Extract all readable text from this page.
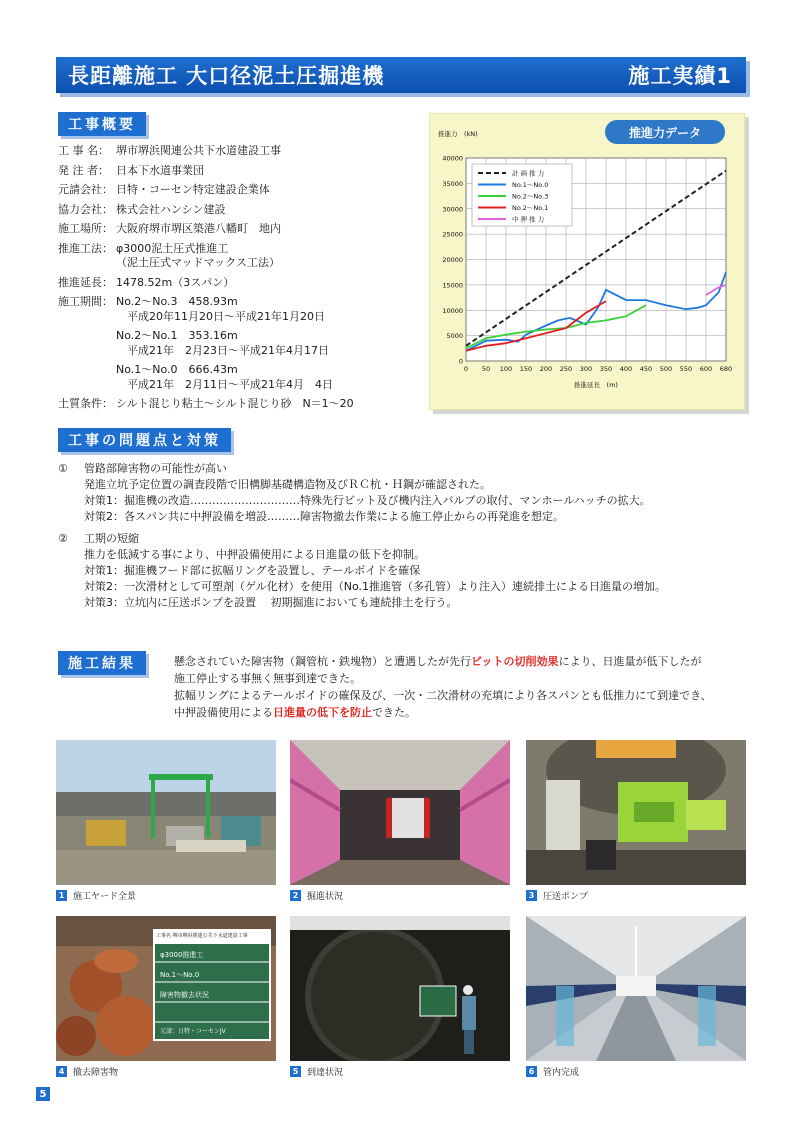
長距離施工 大口径泥土圧掘進機	施工実績1
工事概要
工 事 名： 堺市堺浜関連公共下水道建設工事
発 注 者： 日本下水道事業団
元請会社： 日特・コーセン特定建設企業体
協力会社： 株式会社ハンシン建設
施工場所： 大阪府堺市堺区築港八幡町　地内
推進工法： φ3000泥土圧式推進工
（泥土圧式マッドマックス工法）
推進延長： 1478.52m（3スパン）
施工期間： No.2～No.3　458.93m
　平成20年11月20日～平成21年1月20日
No.2～No.1　353.16m
　平成21年　2月23日～平成21年4月17日
No.1～No.0　666.43m
　平成21年　2月11日～平成21年4月　4日
土質条件： シルト混じり粘土～シルト混じり砂　N＝1～20
推進力データ
0
5000
10000
15000
20000
25000
30000
35000
40000
0 50 100 150 200 250 300 350 400 450 500 550 600 680
推進力　(kN)
推進延長　(m)
計 画 推 力
No.1～No.0
No.2～No.3
No.2～No.1
中 押 推 力
工事の問題点と対策
①	管路部障害物の可能性が高い
発進立坑予定位置の調査段階で旧構脚基礎構造物及びＲＣ杭・Ｈ鋼が確認された。
対策1：掘進機の改造…………………………特殊先行ビット及び機内注入バルブの取付、マンホールハッチの拡大。
対策2：各スパン共に中押設備を増設………障害物撤去作業による施工停止からの再発進を想定。
②	工期の短縮
推力を低減する事により、中押設備使用による日進量の低下を抑制。
対策1：掘進機フード部に拡幅リングを設置し、テールボイドを確保
対策2：一次滑材として可塑剤（ゲル化材）を使用（No.1推進管（多孔管）より注入）連続排土による日進量の増加。
対策3：立坑内に圧送ポンプを設置　 初期掘進においても連続排土を行う。
施工結果	懸念されていた障害物（鋼管杭・鉄塊物）と遭遇したが先行ビットの切削効果により、日進量が低下したが
施工停止する事無く無事到達できた。
拡幅リングによるテールボイドの確保及び、一次・二次滑材の充填により各スパンとも低推力にて到達でき、
中押設備使用による日進量の低下を防止できた。
1 施工ヤード全景	2 掘進状況	3 圧送ポンプ
工事名 堺市堺浜関連公共下水道建設工事
φ3000推進工
No.1～No.0
障害物撤去状況
元請：日特・コーセンJV
4 撤去障害物	5 到達状況	6 管内完成
5
